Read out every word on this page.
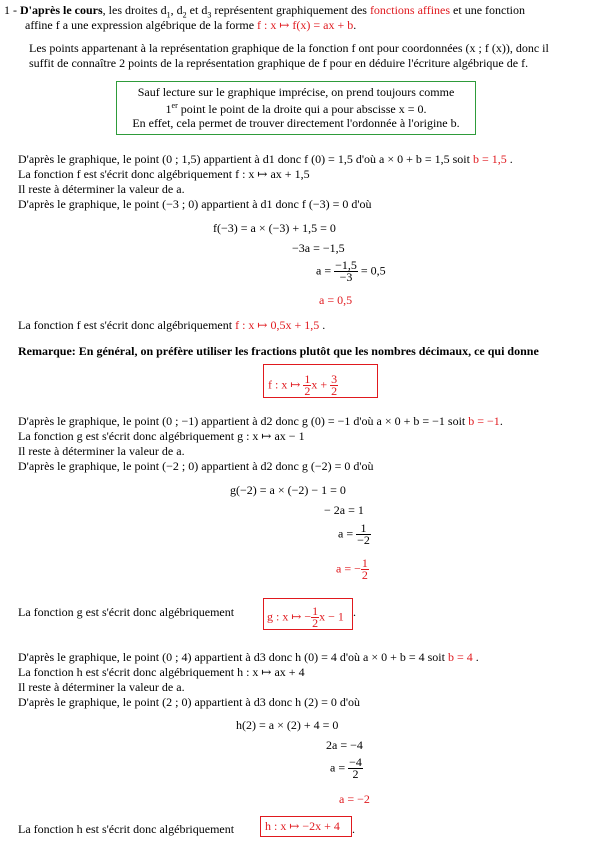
1 - D'après le cours, les droites $d_1$, $d_2$ et $d_3$ représentent graphiquement des fonctions affines et une fonction
affine f a une expression algébrique de la forme f : x ↦ f(x) = ax + b.
Les points appartenant à la représentation graphique de la fonction f ont pour coordonnées (x ; f (x)), donc il
suffit de connaître 2 points de la représentation graphique de f pour en déduire l'écriture algébrique de f.
Sauf lecture sur le graphique imprécise, on prend toujours comme
1er point le point de la droite qui a pour abscisse x = 0.
En effet, cela permet de trouver directement l'ordonnée à l'origine b.
D'après le graphique, le point (0 ; 1,5) appartient à d1 donc f (0) = 1,5 d'où a × 0 + b = 1,5 soit b = 1,5 .
La fonction f est s'écrit donc algébriquement f : x ↦ ax + 1,5
Il reste à déterminer la valeur de a.
D'après le graphique, le point (−3 ; 0) appartient à d1 donc f (−3) = 0 d'où
f(−3) = a × (−3) + 1,5 = 0
−3a = −1,5
$a = \frac{-1,5}{-3} = 0,5$
a = 0,5
La fonction f est s'écrit donc algébriquement f : x ↦ 0,5x + 1,5 .
Remarque: En général, on préfère utiliser les fractions plutôt que les nombres décimaux, ce qui donne
f : x ↦ $\frac{1}{2}$ $x + \frac{3}{2}$
D'après le graphique, le point (0 ; −1) appartient à d2 donc g (0) = −1 d'où a × 0 + b = −1 soit b = −1.
La fonction g est s'écrit donc algébriquement g : x ↦ ax − 1
Il reste à déterminer la valeur de a.
D'après le graphique, le point (−2 ; 0) appartient à d2 donc g (−2) = 0 d'où
g(−2) = a × (−2) − 1 = 0
− 2a = 1
$a = \frac{1}{-2}$
a = − $\frac{1}{2}$
La fonction g est s'écrit donc algébriquement	g : x ↦ − $\frac{1}{2}$ x − 1 .
D'après le graphique, le point (0 ; 4) appartient à d3 donc h (0) = 4 d'où a × 0 + b = 4 soit b = 4 .
La fonction h est s'écrit donc algébriquement h : x ↦ ax + 4
Il reste à déterminer la valeur de a.
D'après le graphique, le point (2 ; 0) appartient à d3 donc h (2) = 0 d'où
h(2) = a × (2) + 4 = 0
2a = −4
$a = \frac{-4}{2}$
a = −2
La fonction h est s'écrit donc algébriquement	h : x ↦ −2x + 4 .
